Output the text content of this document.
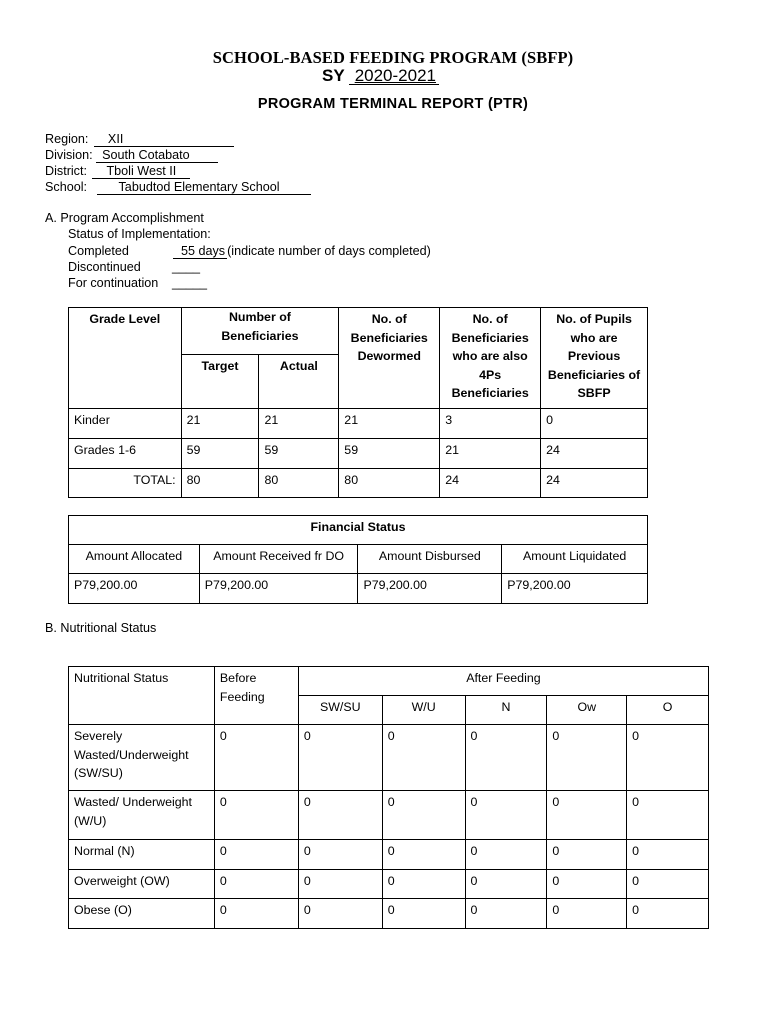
SCHOOL-BASED FEEDING PROGRAM (SBFP)
SY 2020-2021
PROGRAM TERMINAL REPORT (PTR)
Region: XII
Division: South Cotabato
District: Tboli West II
School:	Tabudtod Elementary School
A. Program Accomplishment
Status of Implementation:
Completed	55 days (indicate number of days completed)
Discontinued ____
For continuation _____
Grade Level	Number of Beneficiaries		No. of Beneficiaries Dewormed	No. of Beneficiaries who are also 4Ps Beneficiaries	No. of Pupils who are Previous Beneficiaries of SBFP
	Target	Actual			
Kinder	21	21	21	3	0
Grades 1-6	59	59	59	21	24
TOTAL:	80	80	80	24	24
Financial Status			
Amount Allocated	Amount Received fr DO	Amount Disbursed	Amount Liquidated
P79,200.00	P79,200.00	P79,200.00	P79,200.00
B. Nutritional Status
Nutritional Status	Before Feeding	After Feeding				
		SW/SU	W/U	N	Ow	O
Severely Wasted/Underweight (SW/SU)	0	0	0	0	0	0
Wasted/ Underweight (W/U)	0	0	0	0	0	0
Normal (N)	0	0	0	0	0	0
Overweight (OW)	0	0	0	0	0	0
Obese (O)	0	0	0	0	0	0
